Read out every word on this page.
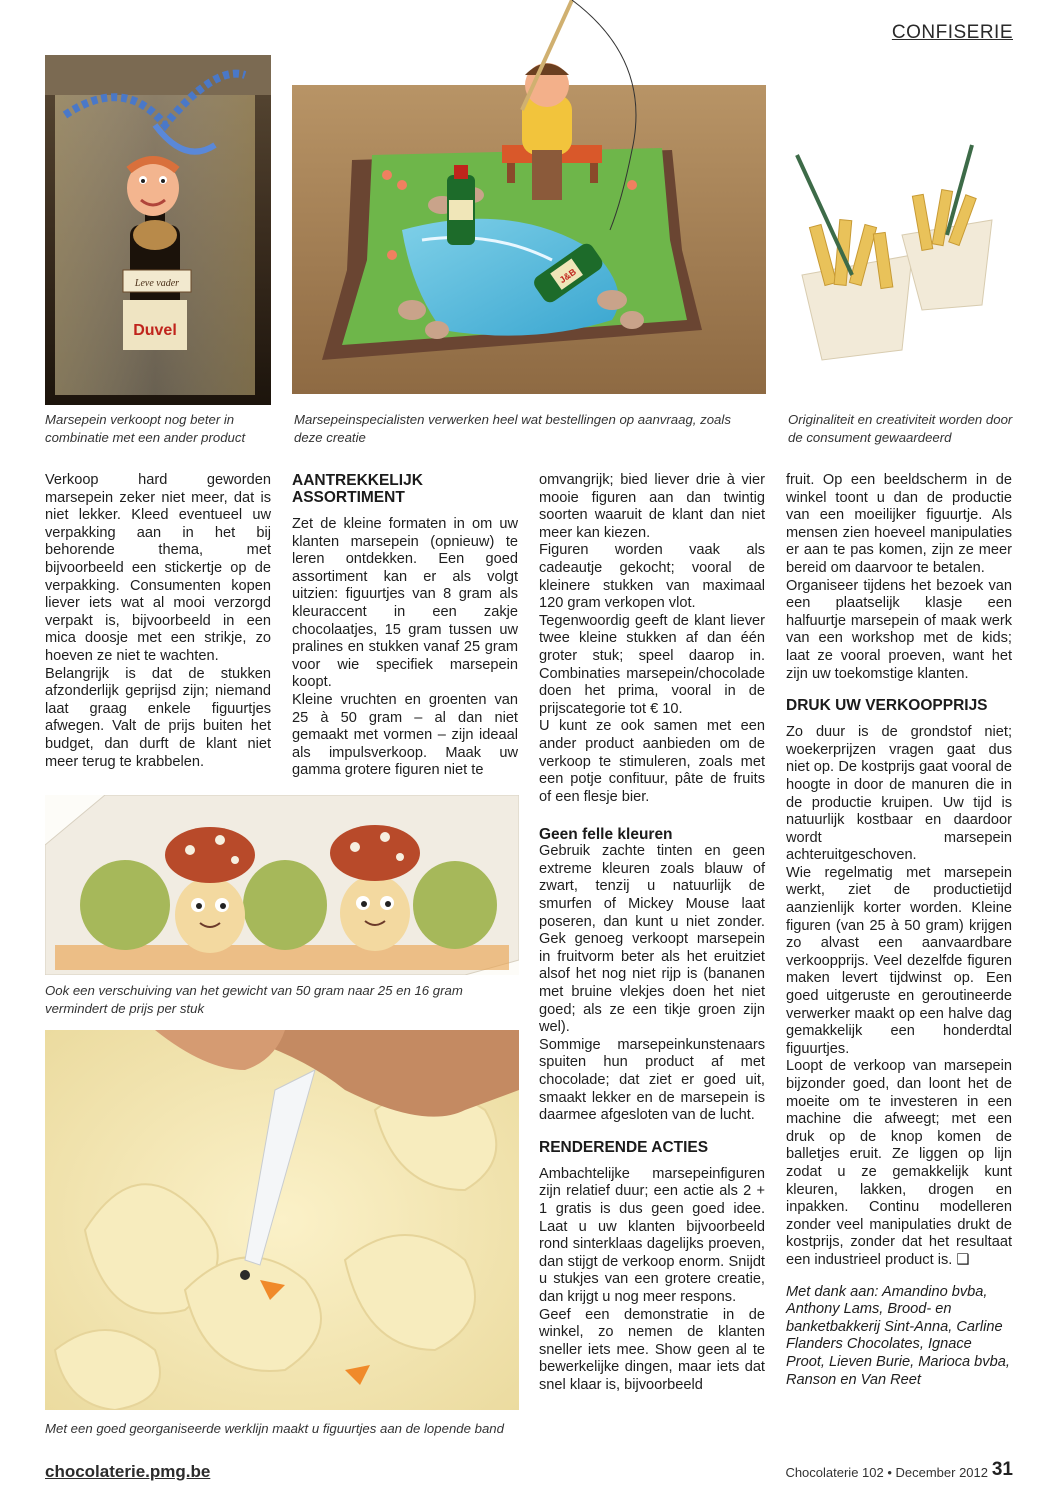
CONFISERIE
Leve vader
Duvel
J&B
Marsepein verkoopt nog beter in combinatie met een ander product
Marsepeinspecialisten verwerken heel wat bestellingen op aanvraag, zoals deze creatie
Originaliteit en creativiteit worden door de consument gewaardeerd

Verkoop hard geworden marsepein zeker niet meer, dat is niet lekker. Kleed eventueel uw verpakking aan in het bij behorende thema, met bijvoorbeeld een stickertje op de verpakking. Consumenten kopen liever iets wat al mooi verzorgd verpakt is, bijvoorbeeld in een mica doosje met een strikje, zo hoeven ze niet te wachten.

Belangrijk is dat de stukken afzonderlijk geprijsd zijn; niemand laat graag enkele figuurtjes afwegen. Valt de prijs buiten het budget, dan durft de klant niet meer terug te krabbelen.

AANTREKKELIJK ASSORTIMENT

Zet de kleine formaten in om uw klanten marsepein (opnieuw) te leren ontdekken. Een goed assortiment kan er als volgt uitzien: figuurtjes van 8 gram als kleuraccent in een zakje chocolaatjes, 15 gram tussen uw pralines en stukken vanaf 25 gram voor wie specifiek marsepein koopt.

Kleine vruchten en groenten van 25 à 50 gram – al dan niet gemaakt met vormen – zijn ideaal als impulsverkoop. Maak uw gamma grotere figuren niet te

Ook een verschuiving van het gewicht van 50 gram naar 25 en 16 gram vermindert de prijs per stuk
Met een goed georganiseerde werklijn maakt u figuurtjes aan de lopende band

omvangrijk; bied liever drie à vier mooie figuren aan dan twintig soorten waaruit de klant dan niet meer kan kiezen.

Figuren worden vaak als cadeautje gekocht; vooral de kleinere stukken van maximaal 120 gram verkopen vlot.

Tegenwoordig geeft de klant liever twee kleine stukken af dan één groter stuk; speel daarop in. Combinaties marsepein/chocolade doen het prima, vooral in de prijscategorie tot € 10.

U kunt ze ook samen met een ander product aanbieden om de verkoop te stimuleren, zoals met een potje confituur, pâte de fruits of een flesje bier.

Geen felle kleuren

Gebruik zachte tinten en geen extreme kleuren zoals blauw of zwart, tenzij u natuurlijk de smurfen of Mickey Mouse laat poseren, dan kunt u niet zonder. Gek genoeg verkoopt marsepein in fruitvorm beter als het eruitziet alsof het nog niet rijp is (bananen met bruine vlekjes doen het niet goed; als ze een tikje groen zijn wel).

Sommige marsepeinkunstenaars spuiten hun product af met chocolade; dat ziet er goed uit, smaakt lekker en de marsepein is daarmee afgesloten van de lucht.

RENDERENDE ACTIES

Ambachtelijke marsepeinfiguren zijn relatief duur; een actie als 2 + 1 gratis is dus geen goed idee. Laat u uw klanten bijvoorbeeld rond sinterklaas dagelijks proeven, dan stijgt de verkoop enorm. Snijdt u stukjes van een grotere creatie, dan krijgt u nog meer respons.

Geef een demonstratie in de winkel, zo nemen de klanten sneller iets mee. Show geen al te bewerkelijke dingen, maar iets dat snel klaar is, bijvoorbeeld

fruit. Op een beeldscherm in de winkel toont u dan de productie van een moeilijker figuurtje. Als mensen zien hoeveel manipulaties er aan te pas komen, zijn ze meer bereid om daarvoor te betalen.

Organiseer tijdens het bezoek van een plaatselijk klasje een halfuurtje marsepein of maak werk van een workshop met de kids; laat ze vooral proeven, want het zijn uw toekomstige klanten.

DRUK UW VERKOOPPRIJS

Zo duur is de grondstof niet; woekerprijzen vragen gaat dus niet op. De kostprijs gaat vooral de hoogte in door de manuren die in de productie kruipen. Uw tijd is natuurlijk kostbaar en daardoor wordt marsepein achteruitgeschoven.

Wie regelmatig met marsepein werkt, ziet de productietijd aanzienlijk korter worden. Kleine figuren (van 25 à 50 gram) krijgen zo alvast een aanvaardbare verkoopprijs. Veel dezelfde figuren maken levert tijdwinst op. Een goed uitgeruste en geroutineerde verwerker maakt op een halve dag gemakkelijk een honderdtal figuurtjes.

Loopt de verkoop van marsepein bijzonder goed, dan loont het de moeite om te investeren in een machine die afweegt; met een druk op de knop komen de balletjes eruit. Ze liggen op lijn zodat u ze gemakkelijk kunt kleuren, lakken, drogen en inpakken. Continu modelleren zonder veel manipulaties drukt de kostprijs, zonder dat het resultaat een industrieel product is. ❑

Met dank aan: Amandino bvba, Anthony Lams, Brood- en banketbakkerij Sint-Anna, Carline Flanders Chocolates, Ignace Proot, Lieven Burie, Marioca bvba, Ranson en Van Reet

chocolaterie.pmg.be	Chocolaterie 102 • December 2012 31
